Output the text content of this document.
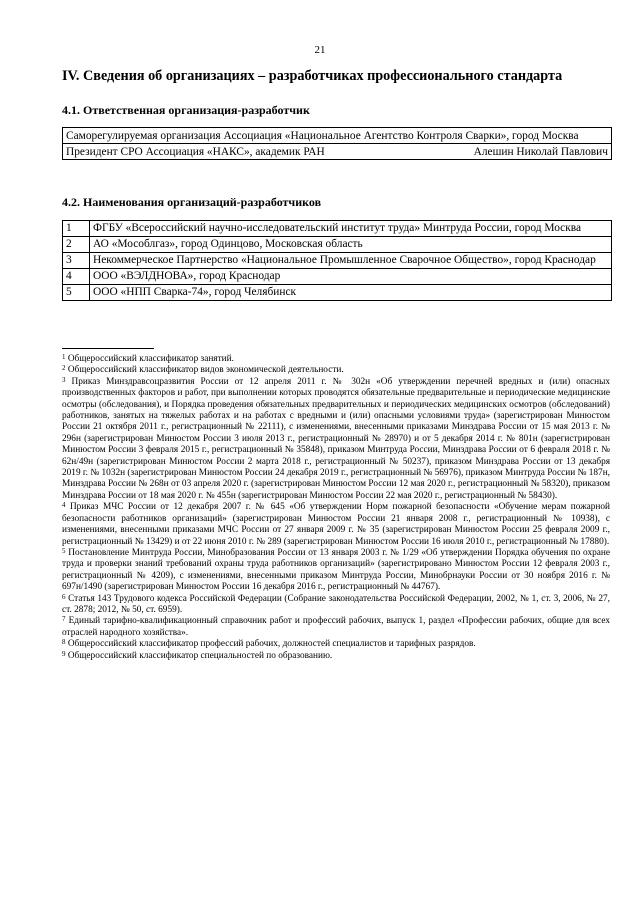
21
IV. Сведения об организациях – разработчиках профессионального стандарта
4.1. Ответственная организация-разработчик
Саморегулируемая организация Ассоциация «Национальное Агентство Контроля Сварки», город Москва

Президент СРО Ассоциация «НАКС», академик РАН	Алешин Николай Павлович
4.2. Наименования организаций-разработчиков
1	ФГБУ «Всероссийский научно-исследовательский институт труда» Минтруда России, город Москва
2	АО «Мособлгаз», город Одинцово, Московская область
3	Некоммерческое Партнерство «Национальное Промышленное Сварочное Общество», город Краснодар
4	ООО «ВЭЛДНОВА», город Краснодар
5	ООО «НПП Сварка-74», город Челябинск

$^1$ Общероссийский классификатор занятий.

$^2$ Общероссийский классификатор видов экономической деятельности.

$^3$ Приказ Минздравсоцразвития России от 12 апреля 2011 г. № 302н «Об утверждении перечней вредных и (или) опасных производственных факторов и работ, при выполнении которых проводятся обязательные предварительные и периодические медицинские осмотры (обследования), и Порядка проведения обязательных предварительных и периодических медицинских осмотров (обследований) работников, занятых на тяжелых работах и на работах с вредными и (или) опасными условиями труда» (зарегистрирован Минюстом России 21 октября 2011 г., регистрационный № 22111), с изменениями, внесенными приказами Минздрава России от 15 мая 2013 г. № 296н (зарегистрирован Минюстом России 3 июля 2013 г., регистрационный № 28970) и от 5 декабря 2014 г. № 801н (зарегистрирован Минюстом России 3 февраля 2015 г., регистрационный № 35848), приказом Минтруда России, Минздрава России от 6 февраля 2018 г. № 62н/49н (зарегистрирован Минюстом России 2 марта 2018 г., регистрационный № 50237), приказом Минздрава России от 13 декабря 2019 г. № 1032н (зарегистрирован Минюстом России 24 декабря 2019 г., регистрационный № 56976), приказом Минтруда России № 187н, Минздрава России № 268н от 03 апреля 2020 г. (зарегистрирован Минюстом России 12 мая 2020 г., регистрационный № 58320), приказом Минздрава России от 18 мая 2020 г. № 455н (зарегистрирован Минюстом России 22 мая 2020 г., регистрационный № 58430).

$^4$ Приказ МЧС России от 12 декабря 2007 г. № 645 «Об утверждении Норм пожарной безопасности «Обучение мерам пожарной безопасности работников организаций» (зарегистрирован Минюстом России 21 января 2008 г., регистрационный № 10938), с изменениями, внесенными приказами МЧС России от 27 января 2009 г. № 35 (зарегистрирован Минюстом России 25 февраля 2009 г., регистрационный № 13429) и от 22 июня 2010 г. № 289 (зарегистрирован Минюстом России 16 июля 2010 г., регистрационный № 17880).

$^5$ Постановление Минтруда России, Минобразования России от 13 января 2003 г. № 1/29 «Об утверждении Порядка обучения по охране труда и проверки знаний требований охраны труда работников организаций» (зарегистрировано Минюстом России 12 февраля 2003 г., регистрационный № 4209), с изменениями, внесенными приказом Минтруда России, Минобрнауки России от 30 ноября 2016 г. № 697н/1490 (зарегистрирован Минюстом России 16 декабря 2016 г., регистрационный № 44767).

$^6$ Статья 143 Трудового кодекса Российской Федерации (Собрание законодательства Российской Федерации, 2002, № 1, ст. 3, 2006, № 27, ст. 2878; 2012, № 50, ст. 6959).

$^7$ Единый тарифно-квалификационный справочник работ и профессий рабочих, выпуск 1, раздел «Профессии рабочих, общие для всех отраслей народного хозяйства».

$^8$ Общероссийский классификатор профессий рабочих, должностей специалистов и тарифных разрядов.

$^9$ Общероссийский классификатор специальностей по образованию.
